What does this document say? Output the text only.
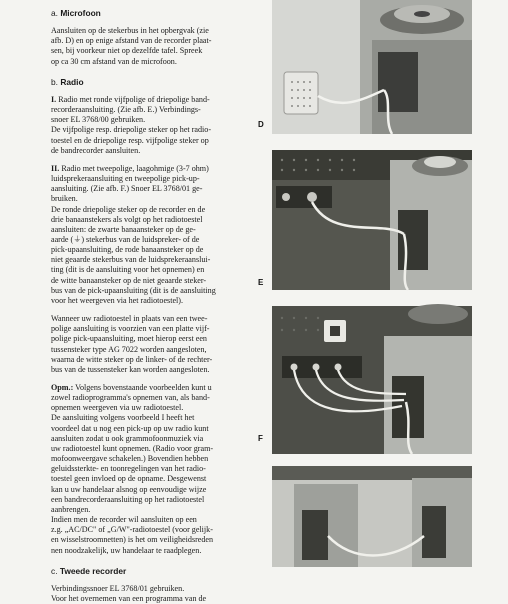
a. Microfoon

Aansluiten op de stekerbus in het opbergvak (zie
afb. D) en op enige afstand van de recorder plaat-
sen, bij voorkeur niet op dezelfde tafel. Spreek
op ca 30 cm afstand van de microfoon.

b. Radio

I. Radio met ronde vijfpolige of driepolige band-
recorderaansluiting. (Zie afb. E.) Verbindings-
snoer EL 3768/00 gebruiken.
De vijfpolige resp. driepolige steker op het radio-
toestel en de driepolige resp. vijfpolige steker op
de bandrecorder aansluiten.

II. Radio met tweepolige, laagohmige (3-7 ohm)
luidsprekeraansluiting en tweepolige pick-up-
aansluiting. (Zie afb. F.) Snoer EL 3768/01 ge-
bruiken.
De ronde driepolige steker op de recorder en de
drie banaanstekers als volgt op het radiotoestel
aansluiten: de zwarte banaansteker op de ge-
aarde (⏚) stekerbus van de luidspreker- of de
pick-upaansluiting, de rode banaansteker op de
niet geaarde stekerbus van de luidsprekeraanslui-
ting (dit is de aansluiting voor het opnemen) en
de witte banaansteker op de niet geaarde steker-
bus van de pick-upaansluiting (dit is de aansluiting
voor het weergeven via het radiotoestel).

Wanneer uw radiotoestel in plaats van een twee-
polige aansluiting is voorzien van een platte vijf-
polige pick-upaansluiting, moet hierop eerst een
tussensteker type AG 7022 worden aangesloten,
waarna de witte steker op de linker- of de rechter-
bus van de tussensteker kan worden aangesloten.

Opm.: Volgens bovenstaande voorbeelden kunt u
zowel radioprogramma's opnemen van, als band-
opnemen weergeven via uw radiotoestel.
De aansluiting volgens voorbeeld I heeft het
voordeel dat u nog een pick-up op uw radio kunt
aansluiten zodat u ook grammofoonmuziek via
uw radiotoestel kunt opnemen. (Radio voor gram-
mofoonweergave schakelen.) Bovendien hebben
geluidssterkte- en toonregelingen van het radio-
toestel geen invloed op de opname. Desgewenst
kan u uw handelaar alsnog op eenvoudige wijze
een bandrecorderaansluiting op het radiotoestel
aanbrengen.
Indien men de recorder wil aansluiten op een
z.g. „AC/DC" of „G/W"-radiotoestel (voor gelijk-
en wisselstroomnetten) is het om veiligheidsreden
nen noodzakelijk, uw handelaar te raadplegen.

c. Tweede recorder

Verbindingssnoer EL 3768/01 gebruiken.
Voor het overnemen van een programma van de

D
E
F
